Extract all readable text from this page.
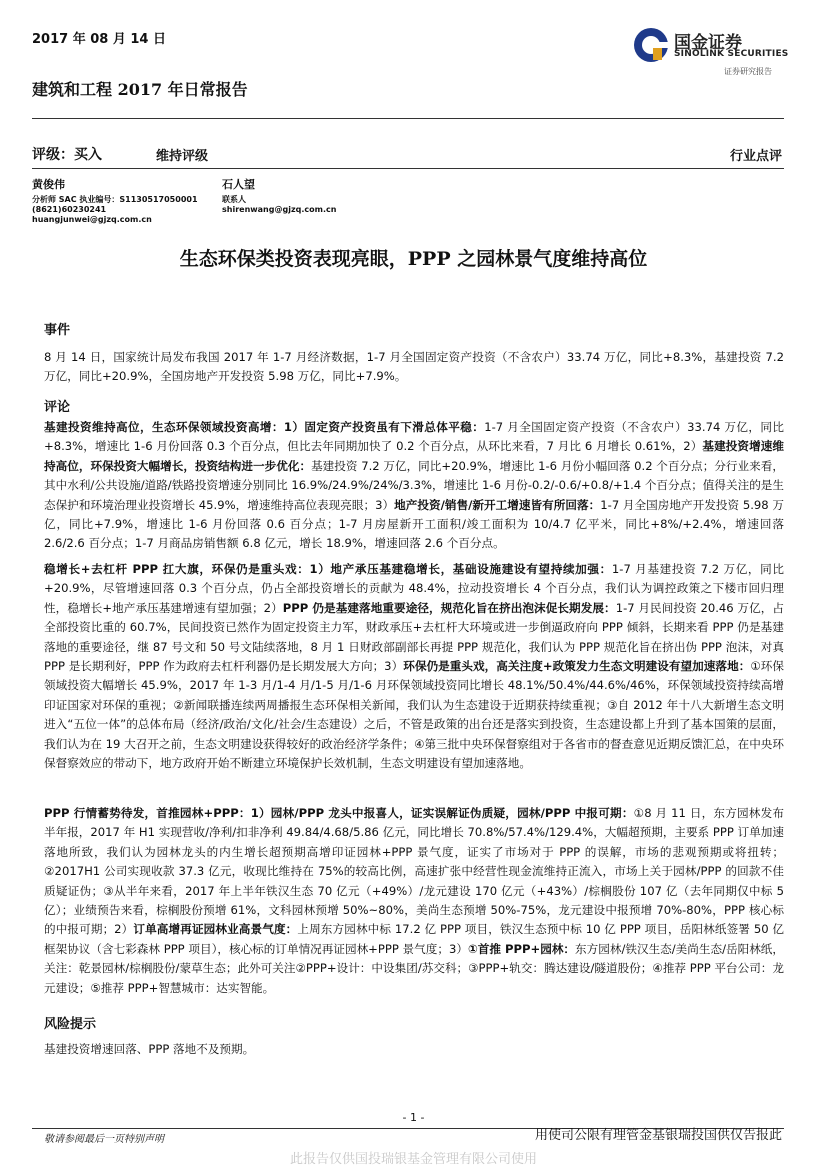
2017 年 08 月 14 日
建筑和工程 2017 年日常报告
国金证券
SINOLINK SECURITIES
证券研究报告
评级：买入	维持评级	行业点评
黄俊伟
分析师 SAC 执业编号：S1130517050001
(8621)60230241
huangjunwei@gjzq.com.cn
石人望
联系人
shirenwang@gjzq.com.cn
生态环保类投资表现亮眼，PPP 之园林景气度维持高位
事件

8 月 14 日，国家统计局发布我国 2017 年 1-7 月经济数据，1-7 月全国固定资产投资（不含农户）33.74 万亿，同比+8.3%，基建投资 7.2 万亿，同比+20.9%，全国房地产开发投资 5.98 万亿，同比+7.9%。

评论

基建投资维持高位，生态环保领域投资高增：1）固定资产投资虽有下滑总体平稳：1-7 月全国固定资产投资（不含农户）33.74 万亿，同比+8.3%，增速比 1-6 月份回落 0.3 个百分点，但比去年同期加快了 0.2 个百分点，从环比来看，7 月比 6 月增长 0.61%，2）基建投资增速维持高位，环保投资大幅增长，投资结构进一步优化：基建投资 7.2 万亿，同比+20.9%，增速比 1-6 月份小幅回落 0.2 个百分点；分行业来看，其中水利/公共设施/道路/铁路投资增速分别同比 16.9%/24.9%/24%/3.3%，增速比 1-6 月份-0.2/-0.6/+0.8/+1.4 个百分点；值得关注的是生态保护和环境治理业投资增长 45.9%，增速维持高位表现亮眼；3）地产投资/销售/新开工增速皆有所回落：1-7 月全国房地产开发投资 5.98 万亿，同比+7.9%，增速比 1-6 月份回落 0.6 百分点；1-7 月房屋新开工面积/竣工面积为 10/4.7 亿平米，同比+8%/+2.4%，增速回落 2.6/2.6 百分点；1-7 月商品房销售额 6.8 亿元，增长 18.9%，增速回落 2.6 个百分点。

稳增长+去杠杆 PPP 扛大旗，环保仍是重头戏：1）地产承压基建稳增长，基础设施建设有望持续加强：1-7 月基建投资 7.2 万亿，同比+20.9%，尽管增速回落 0.3 个百分点，仍占全部投资增长的贡献为 48.4%，拉动投资增长 4 个百分点，我们认为调控政策之下楼市回归理性，稳增长+地产承压基建增速有望加强；2）PPP 仍是基建落地重要途径，规范化旨在挤出泡沫促长期发展：1-7 月民间投资 20.46 万亿，占全部投资比重的 60.7%，民间投资已然作为固定投资主力军，财政承压+去杠杆大环境或进一步倒逼政府向 PPP 倾斜，长期来看 PPP 仍是基建落地的重要途径，继 87 号文和 50 号文陆续落地，8 月 1 日财政部副部长再提 PPP 规范化，我们认为 PPP 规范化旨在挤出伪 PPP 泡沫，对真 PPP 是长期利好，PPP 作为政府去杠杆利器仍是长期发展大方向；3）环保仍是重头戏，高关注度+政策发力生态文明建设有望加速落地：①环保领域投资大幅增长 45.9%，2017 年 1-3 月/1-4 月/1-5 月/1-6 月环保领域投资同比增长 48.1%/50.4%/44.6%/46%，环保领域投资持续高增印证国家对环保的重视；②新闻联播连续两周播报生态环保相关新闻，我们认为生态建设于近期获持续重视；③自 2012 年十八大新增生态文明进入“五位一体”的总体布局（经济/政治/文化/社会/生态建设）之后，不管是政策的出台还是落实到投资，生态建设都上升到了基本国策的层面，我们认为在 19 大召开之前，生态文明建设获得较好的政治经济学条件；④第三批中央环保督察组对于各省市的督查意见近期反馈汇总，在中央环保督察效应的带动下，地方政府开始不断建立环境保护长效机制，生态文明建设有望加速落地。

PPP 行情蓄势待发，首推园林+PPP：1）园林/PPP 龙头中报喜人，证实误解证伪质疑，园林/PPP 中报可期：①8 月 11 日，东方园林发布半年报，2017 年 H1 实现营收/净利/扣非净利 49.84/4.68/5.86 亿元，同比增长 70.8%/57.4%/129.4%，大幅超预期，主要系 PPP 订单加速落地所致，我们认为园林龙头的内生增长超预期高增印证园林+PPP 景气度，证实了市场对于 PPP 的误解，市场的悲观预期或将扭转；②2017H1 公司实现收款 37.3 亿元，收现比维持在 75%的较高比例，高速扩张中经营性现金流维持正流入，市场上关于园林/PPP 的回款不佳质疑证伪；③从半年来看，2017 年上半年铁汉生态 70 亿元（+49%）/龙元建设 170 亿元（+43%）/棕榈股份 107 亿（去年同期仅中标 5 亿）；业绩预告来看，棕榈股份预增 61%，文科园林预增 50%~80%，美尚生态预增 50%-75%，龙元建设中报预增 70%-80%，PPP 核心标的中报可期；2）订单高增再证园林业高景气度：上周东方园林中标 17.2 亿 PPP 项目，铁汉生态预中标 10 亿 PPP 项目，岳阳林纸签署 50 亿框架协议（含七彩森林 PPP 项目），核心标的订单情况再证园林+PPP 景气度；3）①首推 PPP+园林：东方园林/铁汉生态/美尚生态/岳阳林纸，关注：乾景园林/棕榈股份/蒙草生态；此外可关注②PPP+设计：中设集团/苏交科；③PPP+轨交：腾达建设/隧道股份；④推荐 PPP 平台公司：龙元建设；⑤推荐 PPP+智慧城市：达实智能。

风险提示

基建投资增速回落、PPP 落地不及预期。

- 1 -
敬请参阅最后一页特别声明	用使司公限有理管金基银瑞投国供仅告报此
此报告仅供国投瑞银基金管理有限公司使用
